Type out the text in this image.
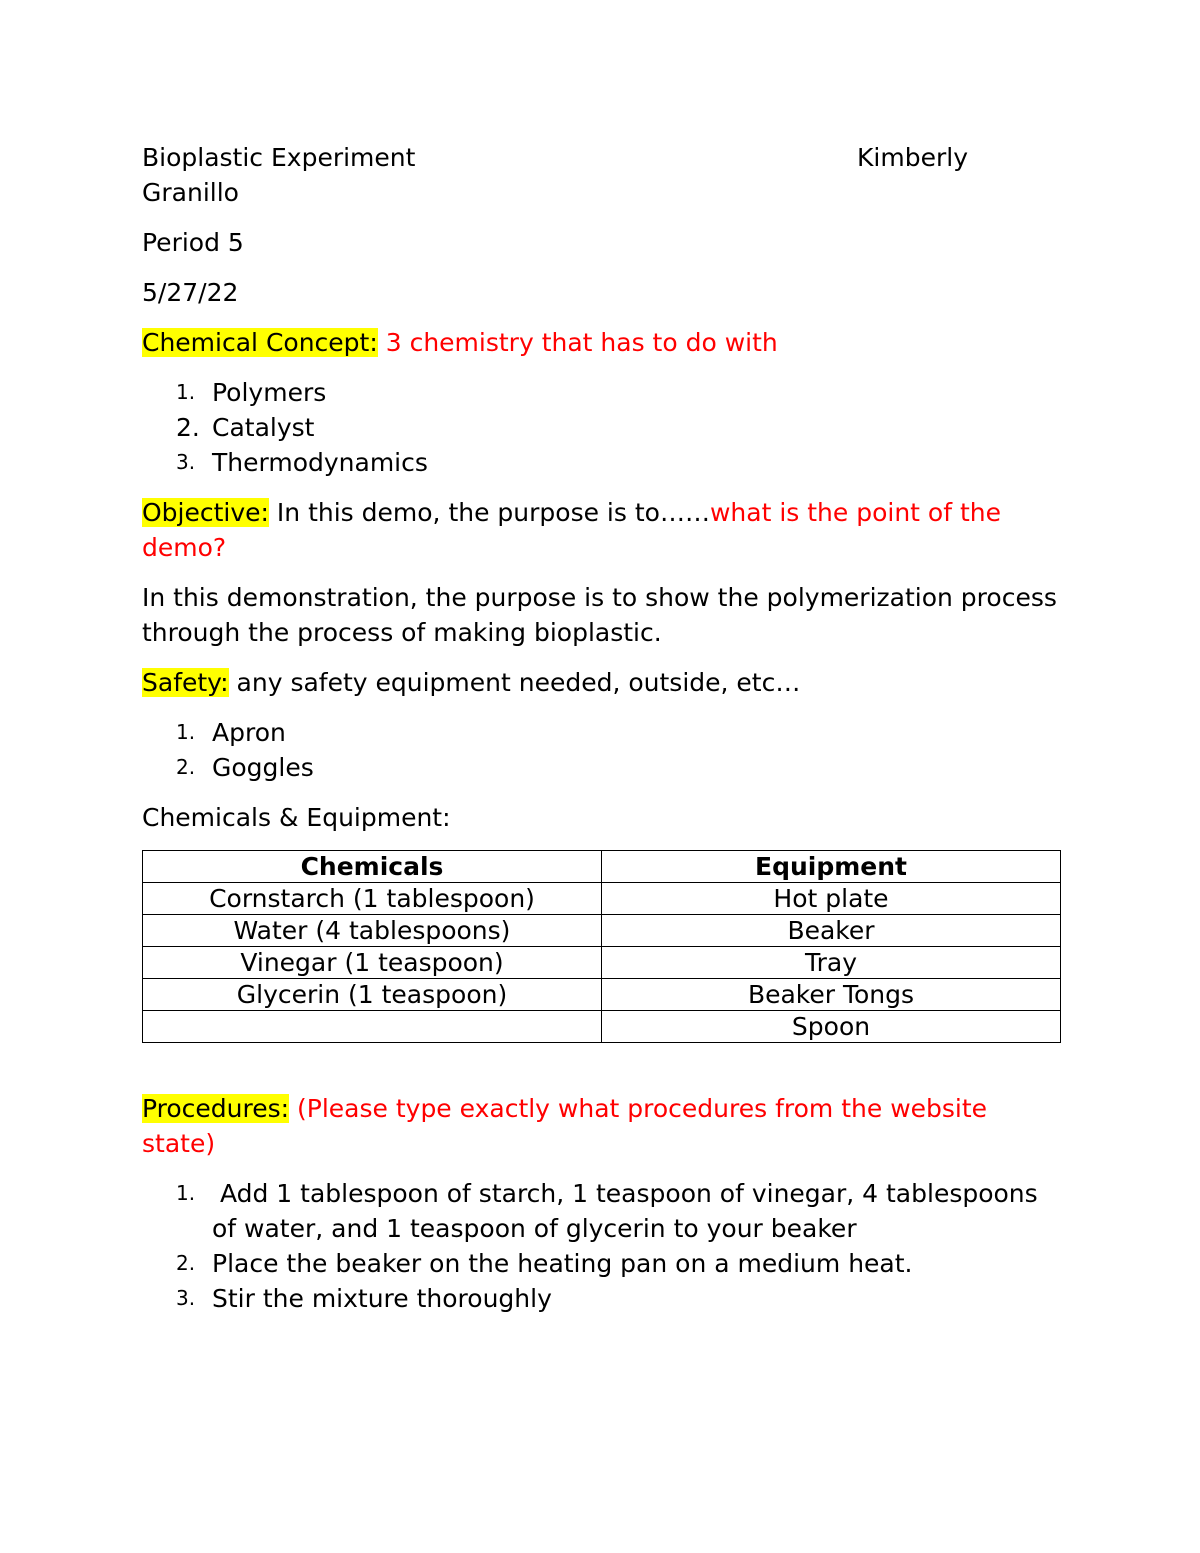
Bioplastic Experiment	Kimberly

Granillo

Period 5

5/27/22

Chemical Concept: 3 chemistry that has to do with

1. Polymers
2. Catalyst
3. Thermodynamics

Objective: In this demo, the purpose is to……what is the point of the demo?

In this demonstration, the purpose is to show the polymerization process through the process of making bioplastic.

Safety: any safety equipment needed, outside, etc…

1. Apron
2. Goggles

Chemicals & Equipment:

Chemicals	Equipment
Cornstarch (1 tablespoon)	Hot plate
Water (4 tablespoons)	Beaker
Vinegar (1 teaspoon)	Tray
Glycerin (1 teaspoon)	Beaker Tongs
	Spoon

Procedures: (Please type exactly what procedures from the website state)

1. Add 1 tablespoon of starch, 1 teaspoon of vinegar, 4 tablespoons of water, and 1 teaspoon of glycerin to your beaker
2. Place the beaker on the heating pan on a medium heat.
3. Stir the mixture thoroughly
